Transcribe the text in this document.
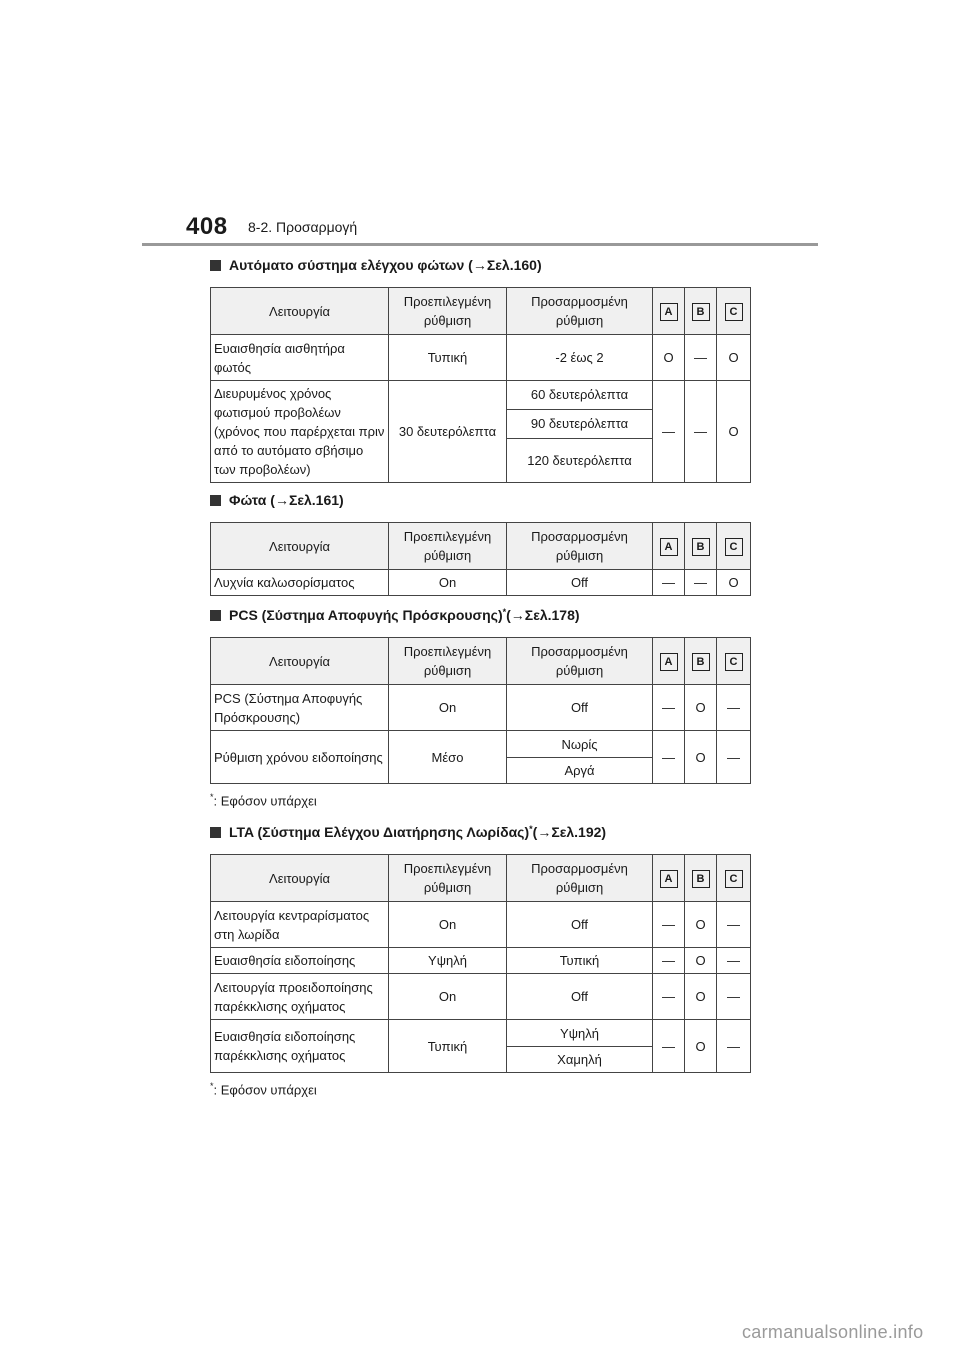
408 8-2. Προσαρμογή
Αυτόματο σύστημα ελέγχου φώτων ( → Σελ.160)
Λειτουργία	Προεπιλεγμένη ρύθμιση	Προσαρμοσμένη ρύθμιση	A	B	C
Ευαισθησία αισθητήρα φωτός	Τυπική	-2 έως 2	O	—	O
Διευρυμένος χρόνος φωτισμού προβολέων (χρόνος που παρέρχεται πριν από το αυτόματο σβήσιμο των προβολέων)	30 δευτερόλεπτα	60 δευτερόλεπτα	—	—	O
		90 δευτερόλεπτα			
		120 δευτερόλεπτα			
Φώτα ( → Σελ.161)
Λειτουργία	Προεπιλεγμένη ρύθμιση	Προσαρμοσμένη ρύθμιση	A	B	C
Λυχνία καλωσορίσματος	On	Off	—	—	O
PCS (Σύστημα Αποφυγής Πρόσκρουσης)* ( → Σελ.178)
Λειτουργία	Προεπιλεγμένη ρύθμιση	Προσαρμοσμένη ρύθμιση	A	B	C
PCS (Σύστημα Αποφυγής Πρόσκρουσης)	On	Off	—	O	—
Ρύθμιση χρόνου ειδοποίησης	Μέσο	Νωρίς	—	O	—
		Αργά			
*: Εφόσον υπάρχει
LTA (Σύστημα Ελέγχου Διατήρησης Λωρίδας)* ( → Σελ.192)
Λειτουργία	Προεπιλεγμένη ρύθμιση	Προσαρμοσμένη ρύθμιση	A	B	C
Λειτουργία κεντραρίσματος στη λωρίδα	On	Off	—	O	—
Ευαισθησία ειδοποίησης	Υψηλή	Τυπική	—	O	—
Λειτουργία προειδοποίησης παρέκκλισης οχήματος	On	Off	—	O	—
Ευαισθησία ειδοποίησης παρέκκλισης οχήματος	Τυπική	Υψηλή	—	O	—
		Χαμηλή			
*: Εφόσον υπάρχει
carmanualsonline.info
